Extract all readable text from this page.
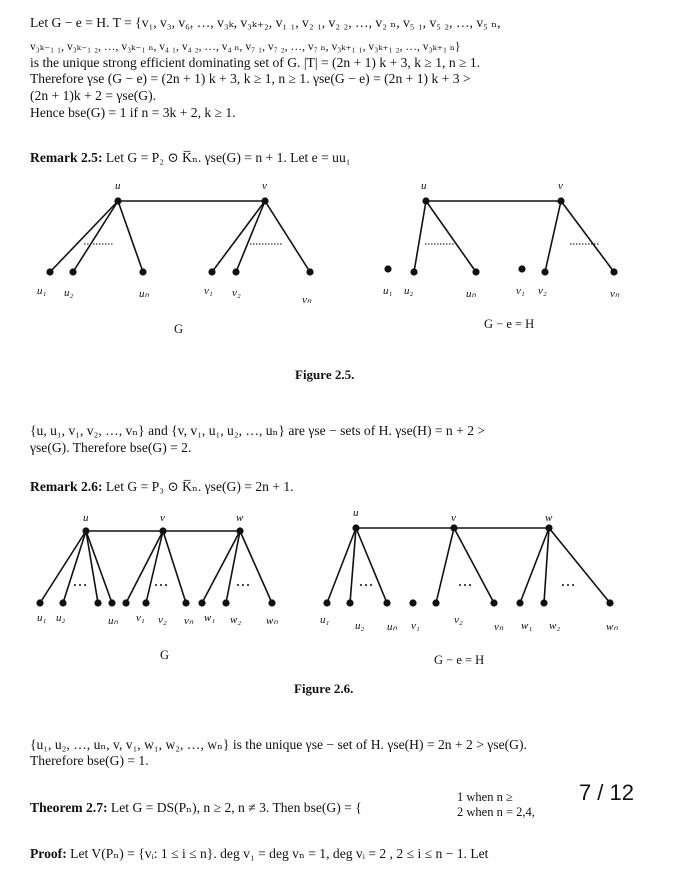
Let G − e = H. T = {v₁, v₃, v₆, …, v₃ₖ, v₃ₖ₊₂, v₁ ₁, v₂ ₁, v₂ ₂, …, v₂ ₙ, v₅ ₁, v₅ ₂, …, v₅ ₙ,
v₃ₖ₋₁ ₁, v₃ₖ₋₁ ₂, …, v₃ₖ₋₁ ₙ, v₄ ₁, v₄ ₂, …, v₄ ₙ, v₇ ₁, v₇ ₂, …, v₇ ₙ, v₃ₖ₊₁ ₁, v₃ₖ₊₁ ₂, …, v₃ₖ₊₁ ₙ}
is the unique strong efficient dominating set of G. |T| = (2n + 1) k + 3, k ≥ 1, n ≥ 1.
Therefore γse (G − e) = (2n + 1) k + 3, k ≥ 1, n ≥ 1. γse(G − e) = (2n + 1) k + 3 >
(2n + 1)k + 2 = γse(G).
Hence bse(G) = 1 if n = 3k + 2, k ≥ 1.
Remark 2.5: Let G = P₂ ⊙ K̅ₙ. γse(G) = n + 1. Let e = uu₁
u	v
u₁ u₂	uₙ	v₁ v₂
vₙ
G
u	v
u₁ u₂	uₙ	v₁ v₂	vₙ
G − e = H
Figure 2.5.
{u, u₁, v₁, v₂, …, vₙ} and {v, v₁, u₁, u₂, …, uₙ} are γse − sets of H. γse(H) = n + 2 >
γse(G). Therefore bse(G) = 2.
Remark 2.6: Let G = P₃ ⊙ K̅ₙ. γse(G) = 2n + 1.
u	v	w
u₁ u₂	uₙ v₁ v₂ vₙ w₁ w₂ wₙ
G
u	v	w
u₁ u₂ uₙ v₁	v₂
vₙ w₁ w₂	wₙ
G − e = H
Figure 2.6.
{u₁, u₂, …, uₙ, v, v₁, w₁, w₂, …, wₙ} is the unique γse − set of H. γse(H) = 2n + 2 > γse(G).
Therefore bse(G) = 1.
Theorem 2.7: Let G = DS(Pₙ), n ≥ 2, n ≠ 3. Then bse(G) = {
1 when n ≥
2 when n = 2,4,
7 / 12
Proof: Let V(Pₙ) = {vᵢ: 1 ≤ i ≤ n}. deg v₁ = deg vₙ = 1, deg vᵢ = 2 , 2 ≤ i ≤ n − 1. Let
